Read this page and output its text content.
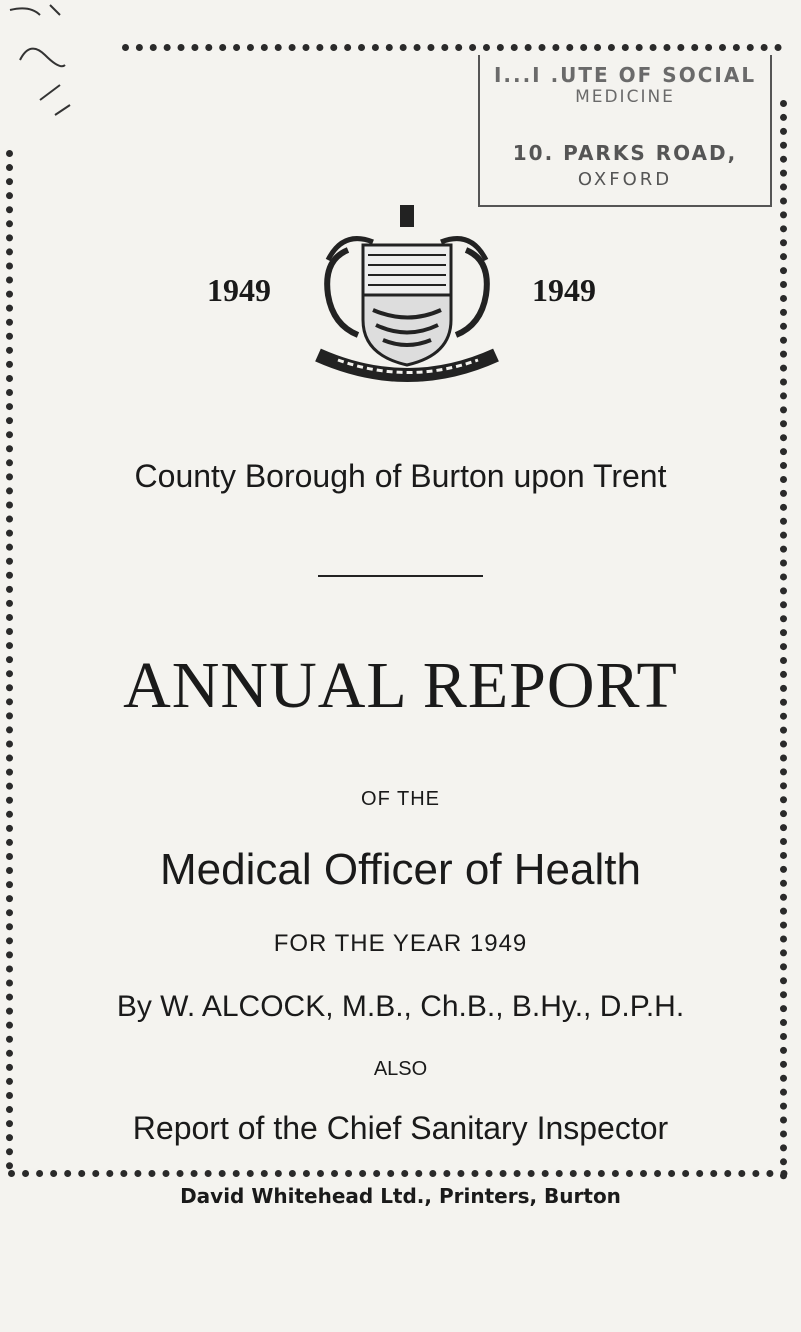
I...I .UTE OF SOCIAL
MEDICINE
10. PARKS ROAD,
OXFORD
1949	1949
County Borough of Burton upon Trent
ANNUAL REPORT
OF THE
Medical Officer of Health
FOR THE YEAR 1949
By W. ALCOCK, M.B., Ch.B., B.Hy., D.P.H.
ALSO
Report of the Chief Sanitary Inspector
David Whitehead Ltd., Printers, Burton
